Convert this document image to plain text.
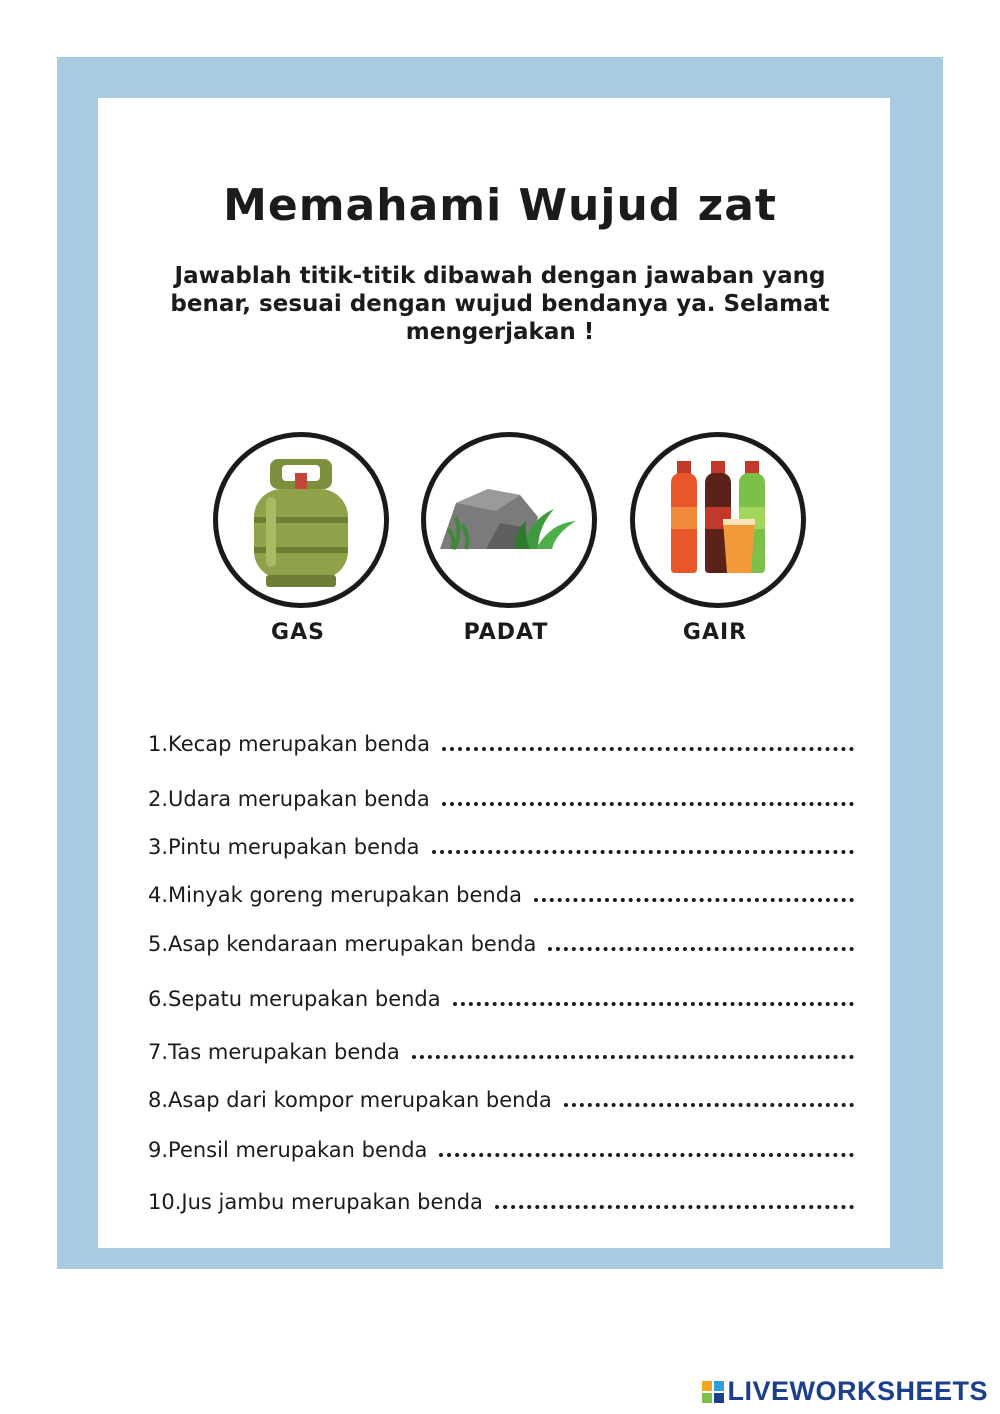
Memahami Wujud zat
Jawablah titik-titik dibawah dengan jawaban yang benar, sesuai dengan wujud bendanya ya. Selamat mengerjakan !
GAS	PADAT	GAIR
1.Kecap merupakan benda
2.Udara merupakan benda
3.Pintu merupakan benda
4.Minyak goreng merupakan benda
5.Asap kendaraan merupakan benda
6.Sepatu merupakan benda
7.Tas merupakan benda
8.Asap dari kompor merupakan benda
9.Pensil merupakan benda
10.Jus jambu merupakan benda
LIVEWORKSHEETS
